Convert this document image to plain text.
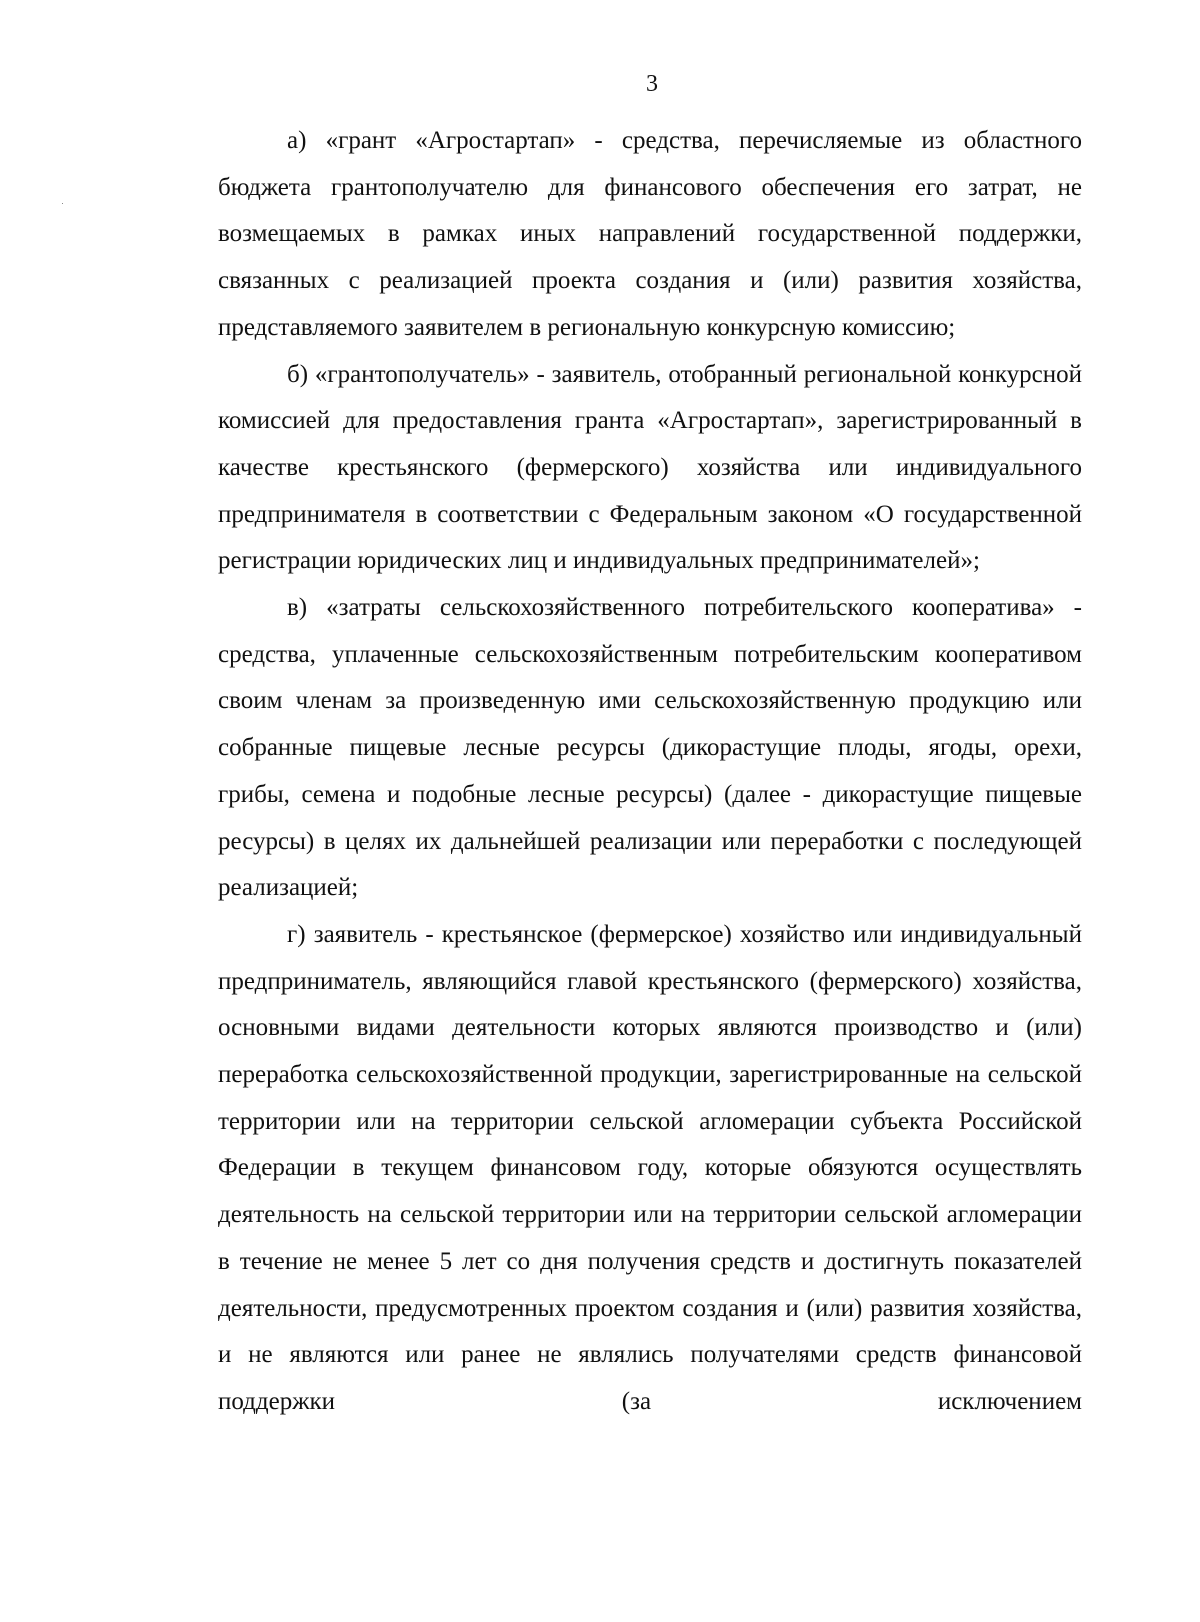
3

а) «грант «Агростартап» - средства, перечисляемые из областного бюджета грантополучателю для финансового обеспечения его затрат, не возмещаемых в рамках иных направлений государственной поддержки, связанных с реализацией проекта создания и (или) развития хозяйства, представляемого заявителем в региональную конкурсную комиссию;

б) «грантополучатель» - заявитель, отобранный региональной конкурсной комиссией для предоставления гранта «Агростартап», зарегистрированный в качестве крестьянского (фермерского) хозяйства или индивидуального предпринимателя в соответствии с Федеральным законом «О государственной регистрации юридических лиц и индивидуальных предпринимателей»;

в) «затраты сельскохозяйственного потребительского кооператива» - средства, уплаченные сельскохозяйственным потребительским кооперативом своим членам за произведенную ими сельскохозяйственную продукцию или собранные пищевые лесные ресурсы (дикорастущие плоды, ягоды, орехи, грибы, семена и подобные лесные ресурсы) (далее - дикорастущие пищевые ресурсы) в целях их дальнейшей реализации или переработки с последующей реализацией;

г) заявитель - крестьянское (фермерское) хозяйство или индивидуальный предприниматель, являющийся главой крестьянского (фермерского) хозяйства, основными видами деятельности которых являются производство и (или) переработка сельскохозяйственной продукции, зарегистрированные на сельской территории или на территории сельской агломерации субъекта Российской Федерации в текущем финансовом году, которые обязуются осуществлять деятельность на сельской территории или на территории сельской агломерации в течение не менее 5 лет со дня получения средств и достигнуть показателей деятельности, предусмотренных проектом создания и (или) развития хозяйства, и не являются или ранее не являлись получателями средств финансовой поддержки (за исключением
